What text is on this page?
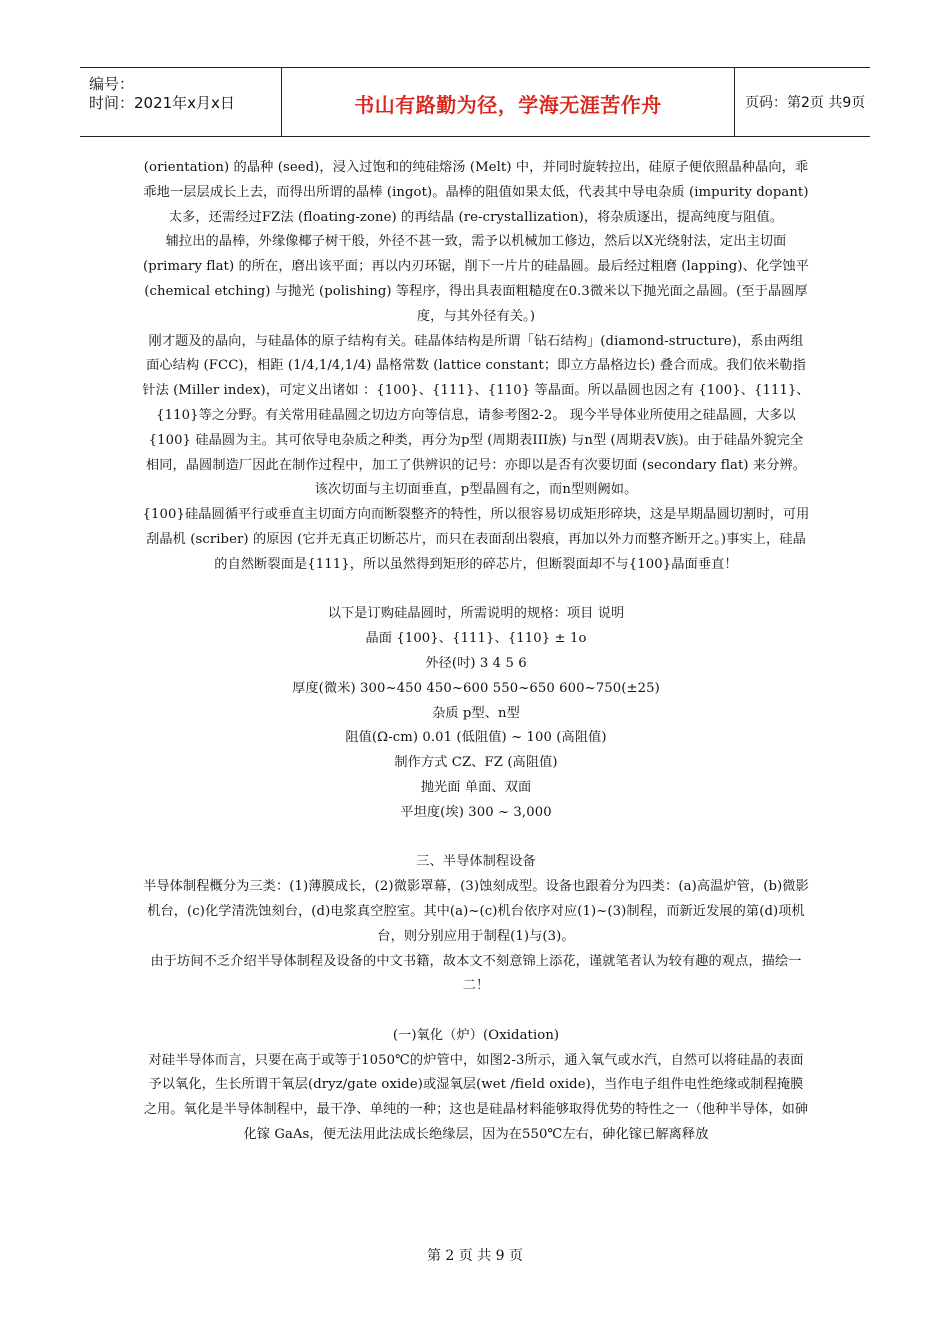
编号：
时间：2021年x月x日	书山有路勤为径，学海无涯苦作舟	页码：第2页 共9页

(orientation) 的晶种 (seed)，浸入过饱和的纯硅熔汤 (Melt) 中，并同时旋转拉出，硅原子便依照晶种晶向，乖乖地一层层成长上去，而得出所谓的晶棒 (ingot)。晶棒的阻值如果太低，代表其中导电杂质 (impurity dopant) 太多，还需经过FZ法 (floating-zone) 的再结晶 (re-crystallization)，将杂质逐出，提高纯度与阻值。

辅拉出的晶棒，外缘像椰子树干般，外径不甚一致，需予以机械加工修边，然后以X光绕射法，定出主切面 (primary flat) 的所在，磨出该平面；再以内刃环锯，削下一片片的硅晶圆。最后经过粗磨 (lapping)、化学蚀平 (chemical etching) 与抛光 (polishing) 等程序，得出具表面粗糙度在0.3微米以下抛光面之晶圆。(至于晶圆厚度，与其外径有关。)

刚才题及的晶向，与硅晶体的原子结构有关。硅晶体结构是所谓「钻石结构」(diamond-structure)，系由两组面心结构 (FCC)，相距 (1/4,1/4,1/4) 晶格常数 (lattice constant；即立方晶格边长) 叠合而成。我们依米勒指针法 (Miller index)，可定义出诸如 ：{100}、{111}、{110} 等晶面。所以晶圆也因之有 {100}、{111}、{110}等之分野。有关常用硅晶圆之切边方向等信息，请参考图2-2。 现今半导体业所使用之硅晶圆，大多以 {100} 硅晶圆为主。其可依导电杂质之种类，再分为p型 (周期表III族) 与n型 (周期表V族)。由于硅晶外貌完全相同，晶圆制造厂因此在制作过程中，加工了供辨识的记号：亦即以是否有次要切面 (secondary flat) 来分辨。该次切面与主切面垂直，p型晶圆有之，而n型则阙如。

{100}硅晶圆循平行或垂直主切面方向而断裂整齐的特性，所以很容易切成矩形碎块，这是早期晶圆切割时，可用刮晶机 (scriber) 的原因 (它并无真正切断芯片，而只在表面刮出裂痕，再加以外力而整齐断开之。)事实上，硅晶的自然断裂面是{111}，所以虽然得到矩形的碎芯片，但断裂面却不与{100}晶面垂直！

以下是订购硅晶圆时，所需说明的规格：项目 说明

晶面 {100}、{111}、{110} ± 1o

外径(吋) 3 4 5 6

厚度(微米) 300~450 450~600 550~650 600~750(±25)

杂质 p型、n型

阻值(Ω-cm) 0.01 (低阻值) ~ 100 (高阻值)

制作方式 CZ、FZ (高阻值)

抛光面 单面、双面

平坦度(埃) 300 ~ 3,000

三、半导体制程设备

半导体制程概分为三类：(1)薄膜成长，(2)微影罩幕，(3)蚀刻成型。设备也跟着分为四类：(a)高温炉管，(b)微影机台，(c)化学清洗蚀刻台，(d)电浆真空腔室。其中(a)~(c)机台依序对应(1)~(3)制程，而新近发展的第(d)项机台，则分别应用于制程(1)与(3)。

由于坊间不乏介绍半导体制程及设备的中文书籍，故本文不刻意锦上添花，谨就笔者认为较有趣的观点，描绘一二！

(一)氧化（炉）(Oxidation)

对硅半导体而言，只要在高于或等于1050℃的炉管中，如图2-3所示，通入氧气或水汽，自然可以将硅晶的表面予以氧化，生长所谓干氧层(dryz/gate oxide)或湿氧层(wet /field oxide)，当作电子组件电性绝缘或制程掩膜之用。氧化是半导体制程中，最干净、单纯的一种；这也是硅晶材料能够取得优势的特性之一（他种半导体，如砷化镓 GaAs，便无法用此法成长绝缘层，因为在550℃左右，砷化镓已解离释放

第 2 页 共 9 页
